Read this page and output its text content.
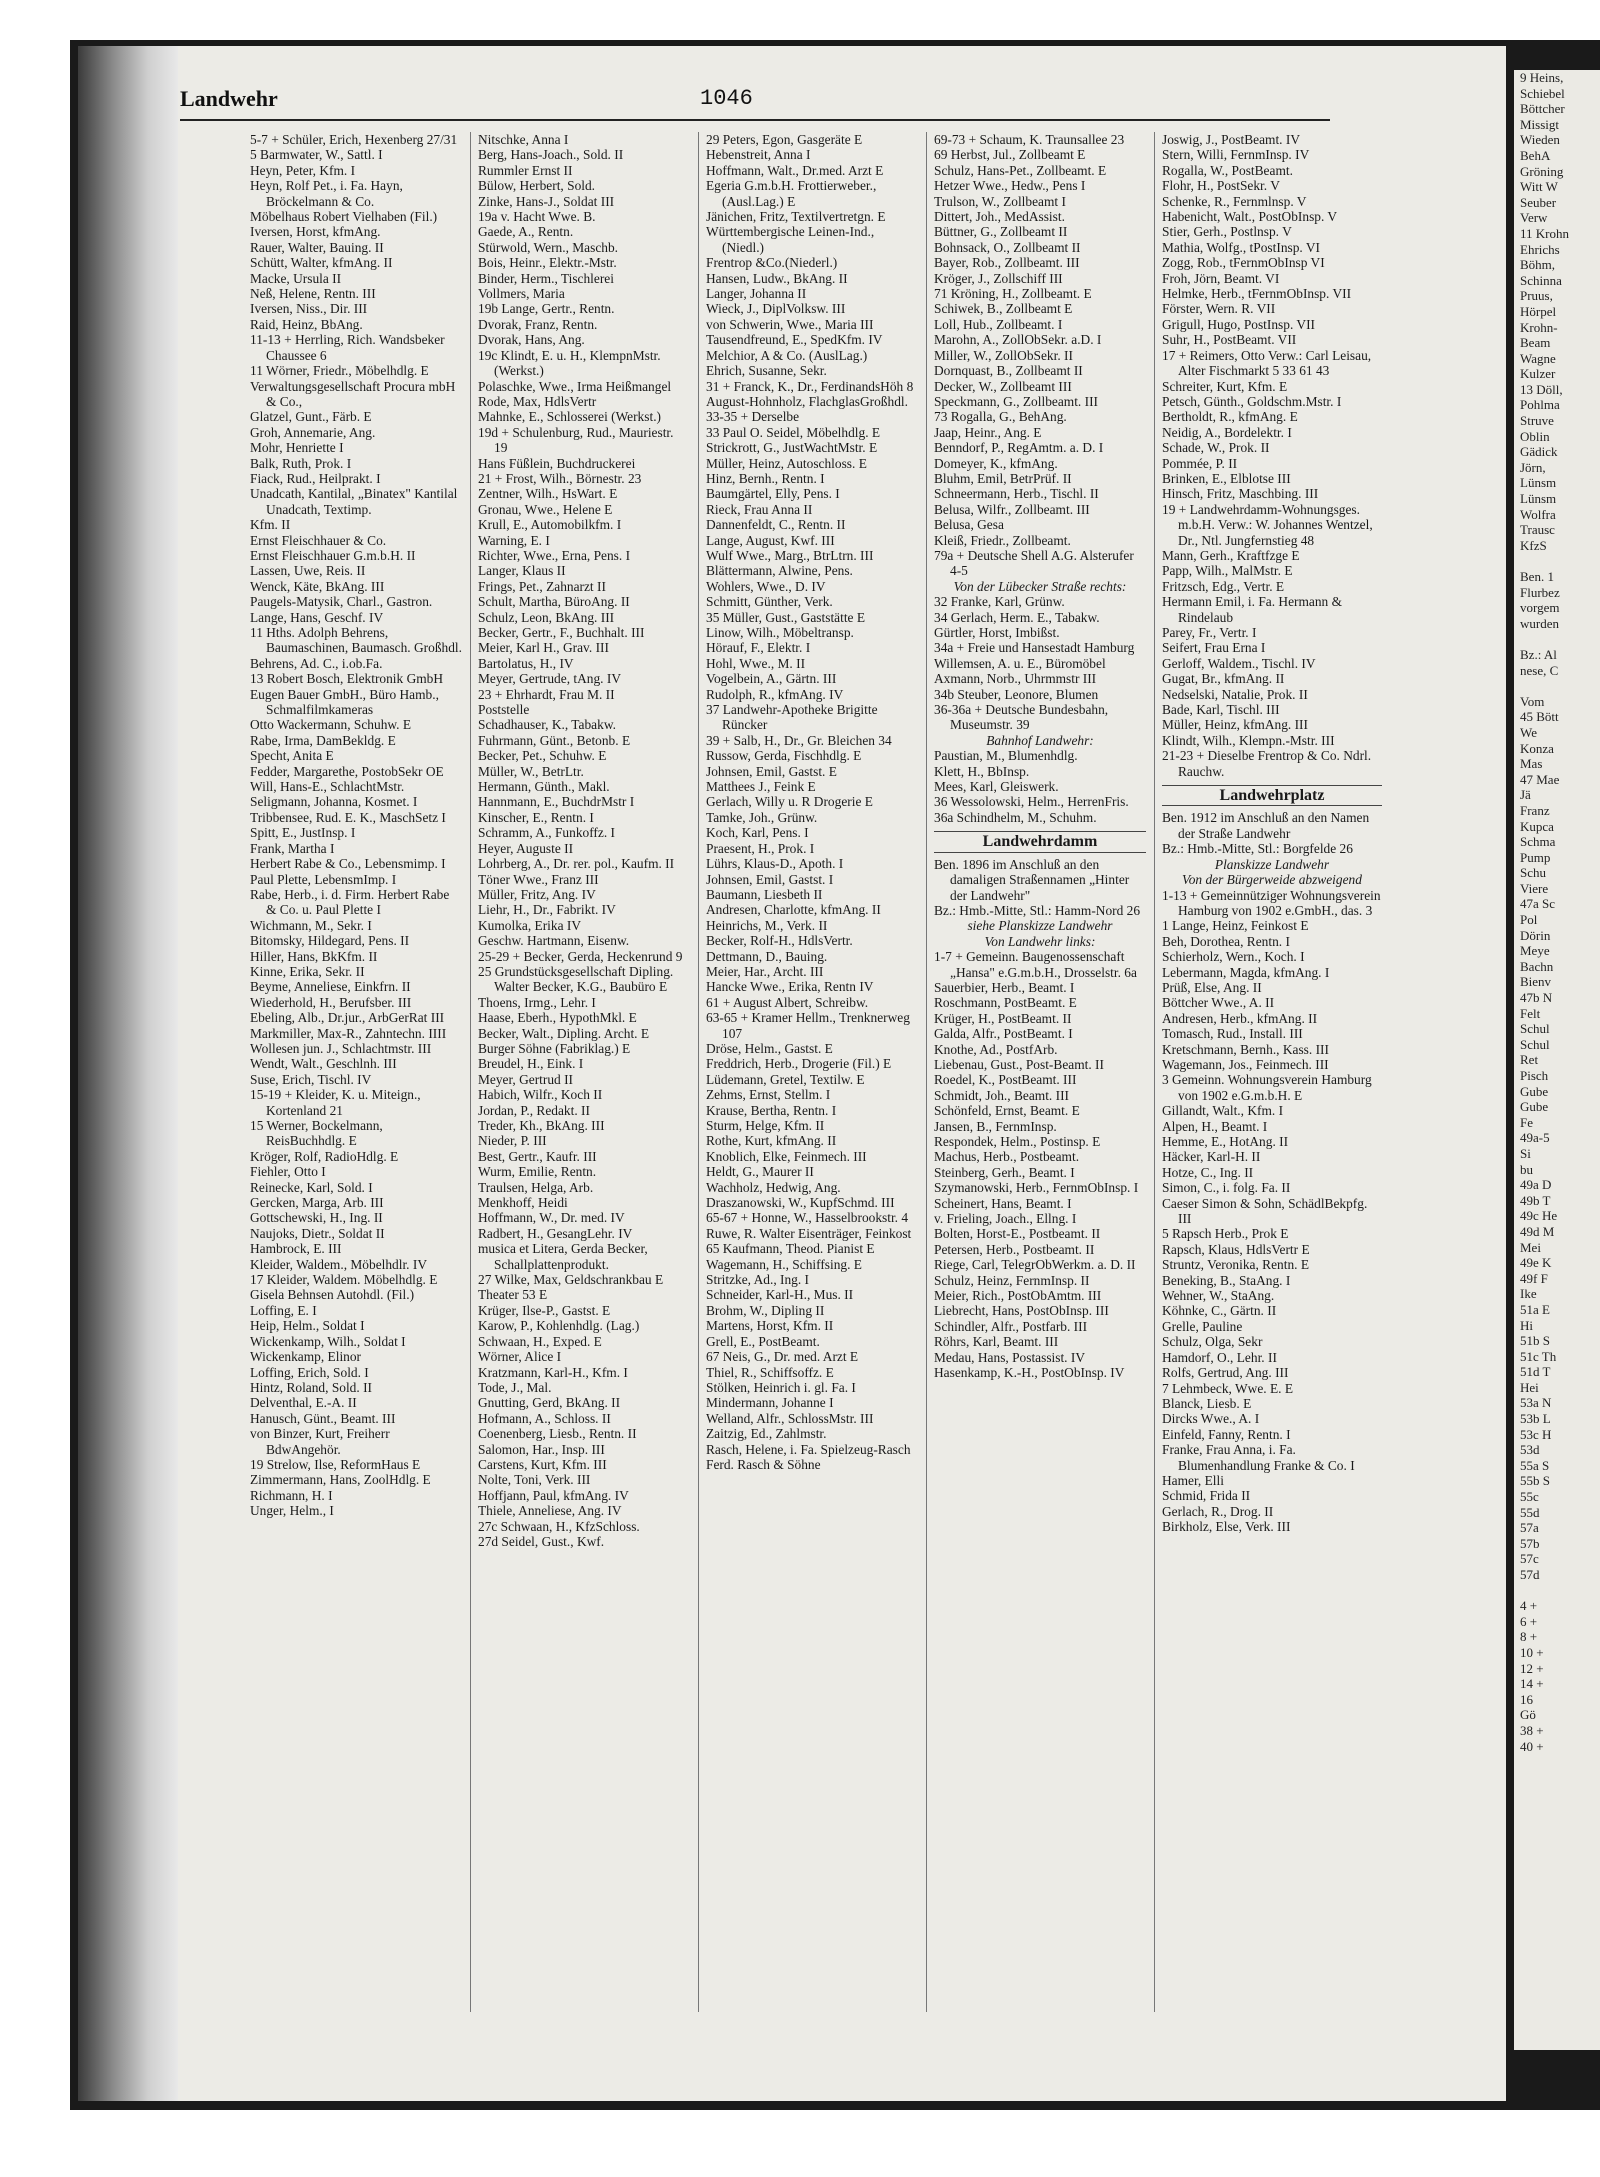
9 Heins,
Schiebel
Böttcher
Missigt
Wieden
BehA
Gröning
Witt W
Seuber
Verw
11 Krohn
Ehrichs
Böhm,
Schinna
Pruus,
Hörpel
Krohn-
Beam
Wagne
Kulzer
13 Döll,
Pohlma
Struve
Oblin
Gädick
Jörn,
Lünsm
Lünsm
Wolfra
Trausc
KfzS

Ben. 1
Flurbez
vorgem
wurden

Bz.: Al
nese, C

Vom
45 Bött
We
Konza
Mas
47 Mae
Jä
Franz
Kupca
Schma
Pump
Schu
Viere
47a Sc
Pol
Dörin
Meye
Bachn
Bienv
47b N
Felt
Schul
Schul
Ret
Pisch
Gube
Gube
Fe
49a-5
Si
bu
49a D
49b T
49c He
49d M
Mei
49e K
49f F
Ike
51a E
Hi
51b S
51c Th
51d T
Hei
53a N
53b L
53c H
53d
55a S
55b S
55c
55d
57a
57b
57c
57d

4 +
6 +
8 +
10 +
12 +
14 +
16
Gö
38 +
40 +
Landwehr	1046
5-7 + Schüler, Erich, Hexenberg 27/31
5 Barmwater, W., Sattl. I
Heyn, Peter, Kfm. I
Heyn, Rolf Pet., i. Fa. Hayn, Bröckelmann & Co.
Möbelhaus Robert Vielhaben (Fil.)
Iversen, Horst, kfmAng.
Rauer, Walter, Bauing. II
Schütt, Walter, kfmAng. II
Macke, Ursula II
Neß, Helene, Rentn. III
Iversen, Niss., Dir. III
Raid, Heinz, BbAng.
11-13 + Herrling, Rich. Wandsbeker Chaussee 6
11 Wörner, Friedr., Möbelhdlg. E
Verwaltungsgesellschaft Procura mbH & Co.,
Glatzel, Gunt., Färb. E
Groh, Annemarie, Ang.
Mohr, Henriette I
Balk, Ruth, Prok. I
Fiack, Rud., Heilprakt. I
Unadcath, Kantilal, „Binatex" Kantilal Unadcath, Textimp.
Kfm. II
Ernst Fleischhauer & Co.
Ernst Fleischhauer G.m.b.H. II
Lassen, Uwe, Reis. II
Wenck, Käte, BkAng. III
Paugels-Matysik, Charl., Gastron.
Lange, Hans, Geschf. IV
11 Hths. Adolph Behrens, Baumaschinen, Baumasch. Großhdl.
Behrens, Ad. C., i.ob.Fa.
13 Robert Bosch, Elektronik GmbH
Eugen Bauer GmbH., Büro Hamb., Schmalfilmkameras
Otto Wackermann, Schuhw. E
Rabe, Irma, DamBekldg. E
Specht, Anita E
Fedder, Margarethe, PostobSekr OE
Will, Hans-E., SchlachtMstr.
Seligmann, Johanna, Kosmet. I
Tribbensee, Rud. E. K., MaschSetz I
Spitt, E., JustInsp. I
Frank, Martha I
Herbert Rabe & Co., Lebensmimp. I
Paul Plette, LebensmImp. I
Rabe, Herb., i. d. Firm. Herbert Rabe & Co. u. Paul Plette I
Wichmann, M., Sekr. I
Bitomsky, Hildegard, Pens. II
Hiller, Hans, BkKfm. II
Kinne, Erika, Sekr. II
Beyme, Anneliese, Einkfrn. II
Wiederhold, H., Berufsber. III
Ebeling, Alb., Dr.jur., ArbGerRat III
Markmiller, Max-R., Zahntechn. IIII
Wollesen jun. J., Schlachtmstr. III
Wendt, Walt., Geschlnh. III
Suse, Erich, Tischl. IV
15-19 + Kleider, K. u. Miteign., Kortenland 21
15 Werner, Bockelmann, ReisBuchhdlg. E
Kröger, Rolf, RadioHdlg. E
Fiehler, Otto I
Reinecke, Karl, Sold. I
Gercken, Marga, Arb. III
Gottschewski, H., Ing. II
Naujoks, Dietr., Soldat II
Hambrock, E. III
Kleider, Waldem., Möbelhdlr. IV
17 Kleider, Waldem. Möbelhdlg. E
Gisela Behnsen Autohdl. (Fil.)
Loffing, E. I
Heip, Helm., Soldat I
Wickenkamp, Wilh., Soldat I
Wickenkamp, Elinor
Loffing, Erich, Sold. I
Hintz, Roland, Sold. II
Delventhal, E.-A. II
Hanusch, Günt., Beamt. III
von Binzer, Kurt, Freiherr BdwAngehör.
19 Strelow, Ilse, ReformHaus E
Zimmermann, Hans, ZoolHdlg. E
Richmann, H. I
Unger, Helm., I
Nitschke, Anna I
Berg, Hans-Joach., Sold. II
Rummler Ernst II
Bülow, Herbert, Sold.
Zinke, Hans-J., Soldat III
19a v. Hacht Wwe. B.
Gaede, A., Rentn.
Stürwold, Wern., Maschb.
Bois, Heinr., Elektr.-Mstr.
Binder, Herm., Tischlerei
Vollmers, Maria
19b Lange, Gertr., Rentn.
Dvorak, Franz, Rentn.
Dvorak, Hans, Ang.
19c Klindt, E. u. H., KlempnMstr. (Werkst.)
Polaschke, Wwe., Irma Heißmangel
Rode, Max, HdlsVertr
Mahnke, E., Schlosserei (Werkst.)
19d + Schulenburg, Rud., Mauriestr. 19
Hans Füßlein, Buchdruckerei
21 + Frost, Wilh., Börnestr. 23
Zentner, Wilh., HsWart. E
Gronau, Wwe., Helene E
Krull, E., Automobilkfm. I
Warning, E. I
Richter, Wwe., Erna, Pens. I
Langer, Klaus II
Frings, Pet., Zahnarzt II
Schult, Martha, BüroAng. II
Schulz, Leon, BkAng. III
Becker, Gertr., F., Buchhalt. III
Meier, Karl H., Grav. III
Bartolatus, H., IV
Meyer, Gertrude, tAng. IV
23 + Ehrhardt, Frau M. II
Poststelle
Schadhauser, K., Tabakw.
Fuhrmann, Günt., Betonb. E
Becker, Pet., Schuhw. E
Müller, W., BetrLtr.
Hermann, Günth., Makl.
Hannmann, E., BuchdrMstr I
Kinscher, E., Rentn. I
Schramm, A., Funkoffz. I
Heyer, Auguste II
Lohrberg, A., Dr. rer. pol., Kaufm. II
Töner Wwe., Franz III
Müller, Fritz, Ang. IV
Liehr, H., Dr., Fabrikt. IV
Kumolka, Erika IV
Geschw. Hartmann, Eisenw.
25-29 + Becker, Gerda, Heckenrund 9
25 Grundstücksgesellschaft Dipling. Walter Becker, K.G., Baubüro E
Thoens, Irmg., Lehr. I
Haase, Eberh., HypothMkl. E
Becker, Walt., Dipling. Archt. E
Burger Söhne (Fabriklag.) E
Breudel, H., Eink. I
Meyer, Gertrud II
Habich, Wilfr., Koch II
Jordan, P., Redakt. II
Treder, Kh., BkAng. III
Nieder, P. III
Best, Gertr., Kaufr. III
Wurm, Emilie, Rentn.
Traulsen, Helga, Arb.
Menkhoff, Heidi
Hoffmann, W., Dr. med. IV
Radbert, H., GesangLehr. IV
musica et Litera, Gerda Becker, Schallplattenprodukt.
27 Wilke, Max, Geldschrankbau E
Theater 53 E
Krüger, Ilse-P., Gastst. E
Karow, P., Kohlenhdlg. (Lag.)
Schwaan, H., Exped. E
Wörner, Alice I
Kratzmann, Karl-H., Kfm. I
Tode, J., Mal.
Gnutting, Gerd, BkAng. II
Hofmann, A., Schloss. II
Coenenberg, Liesb., Rentn. II
Salomon, Har., Insp. III
Carstens, Kurt, Kfm. III
Nolte, Toni, Verk. III
Hoffjann, Paul, kfmAng. IV
Thiele, Anneliese, Ang. IV
27c Schwaan, H., KfzSchloss.
27d Seidel, Gust., Kwf.
29 Peters, Egon, Gasgeräte E
Hebenstreit, Anna I
Hoffmann, Walt., Dr.med. Arzt E
Egeria G.m.b.H. Frottierweber., (Ausl.Lag.) E
Jänichen, Fritz, Textilvertretgn. E
Württembergische Leinen-Ind., (Niedl.)
Frentrop &Co.(Niederl.)
Hansen, Ludw., BkAng. II
Langer, Johanna II
Wieck, J., DiplVolksw. III
von Schwerin, Wwe., Maria III
Tausendfreund, E., SpedKfm. IV
Melchior, A & Co. (AuslLag.)
Ehrich, Susanne, Sekr.
31 + Franck, K., Dr., FerdinandsHöh 8
August-Hohnholz, FlachglasGroßhdl.
33-35 + Derselbe
33 Paul O. Seidel, Möbelhdlg. E
Strickrott, G., JustWachtMstr. E
Müller, Heinz, Autoschloss. E
Hinz, Bernh., Rentn. I
Baumgärtel, Elly, Pens. I
Rieck, Frau Anna II
Dannenfeldt, C., Rentn. II
Lange, August, Kwf. III
Wulf Wwe., Marg., BtrLtrn. III
Blättermann, Alwine, Pens.
Wohlers, Wwe., D. IV
Schmitt, Günther, Verk.
35 Müller, Gust., Gaststätte E
Linow, Wilh., Möbeltransp.
Hörauf, F., Elektr. I
Hohl, Wwe., M. II
Vogelbein, A., Gärtn. III
Rudolph, R., kfmAng. IV
37 Landwehr-Apotheke Brigitte Rüncker
39 + Salb, H., Dr., Gr. Bleichen 34
Russow, Gerda, Fischhdlg. E
Johnsen, Emil, Gastst. E
Matthees J., Feink E
Gerlach, Willy u. R Drogerie E
Tamke, Joh., Grünw.
Koch, Karl, Pens. I
Praesent, H., Prok. I
Lührs, Klaus-D., Apoth. I
Johnsen, Emil, Gastst. I
Baumann, Liesbeth II
Andresen, Charlotte, kfmAng. II
Heinrichs, M., Verk. II
Becker, Rolf-H., HdlsVertr.
Dettmann, D., Bauing.
Meier, Har., Archt. III
Hancke Wwe., Erika, Rentn IV
61 + August Albert, Schreibw.
63-65 + Kramer Hellm., Trenknerweg 107
Dröse, Helm., Gastst. E
Freddrich, Herb., Drogerie (Fil.) E
Lüdemann, Gretel, Textilw. E
Zehms, Ernst, Stellm. I
Krause, Bertha, Rentn. I
Sturm, Helge, Kfm. II
Rothe, Kurt, kfmAng. II
Knoblich, Elke, Feinmech. III
Heldt, G., Maurer II
Wachholz, Hedwig, Ang.
Draszanowski, W., KupfSchmd. III
65-67 + Honne, W., Hasselbrookstr. 4
Ruwe, R. Walter Eisenträger, Feinkost
65 Kaufmann, Theod. Pianist E
Wagemann, H., Schiffsing. E
Stritzke, Ad., Ing. I
Schneider, Karl-H., Mus. II
Brohm, W., Dipling II
Martens, Horst, Kfm. II
Grell, E., PostBeamt.
67 Neis, G., Dr. med. Arzt E
Thiel, R., Schiffsoffz. E
Stölken, Heinrich i. gl. Fa. I
Mindermann, Johanne I
Welland, Alfr., SchlossMstr. III
Zaitzig, Ed., Zahlmstr.
Rasch, Helene, i. Fa. Spielzeug-Rasch
Ferd. Rasch & Söhne
69-73 + Schaum, K. Traunsallee 23
69 Herbst, Jul., Zollbeamt E
Schulz, Hans-Pet., Zollbeamt. E
Hetzer Wwe., Hedw., Pens I
Trulson, W., Zollbeamt I
Dittert, Joh., MedAssist.
Büttner, G., Zollbeamt II
Bohnsack, O., Zollbeamt II
Bayer, Rob., Zollbeamt. III
Kröger, J., Zollschiff III
71 Kröning, H., Zollbeamt. E
Schiwek, B., Zollbeamt E
Loll, Hub., Zollbeamt. I
Marohn, A., ZollObSekr. a.D. I
Miller, W., ZollObSekr. II
Dornquast, B., Zollbeamt II
Decker, W., Zollbeamt III
Speckmann, G., Zollbeamt. III
73 Rogalla, G., BehAng.
Jaap, Heinr., Ang. E
Benndorf, P., RegAmtm. a. D. I
Domeyer, K., kfmAng.
Bluhm, Emil, BetrPrüf. II
Schneermann, Herb., Tischl. II
Belusa, Wilfr., Zollbeamt. III
Belusa, Gesa
Kleiß, Friedr., Zollbeamt.
79a + Deutsche Shell A.G. Alsterufer 4-5
Von der Lübecker Straße rechts:
32 Franke, Karl, Grünw.
34 Gerlach, Herm. E., Tabakw.
Gürtler, Horst, Imbißst.
34a + Freie und Hansestadt Hamburg
Willemsen, A. u. E., Büromöbel
Axmann, Norb., Uhrmmstr III
34b Steuber, Leonore, Blumen
36-36a + Deutsche Bundesbahn, Museumstr. 39
Bahnhof Landwehr:
Paustian, M., Blumenhdlg.
Klett, H., BbInsp.
Mees, Karl, Gleiswerk.
36 Wessolowski, Helm., HerrenFris.
36a Schindhelm, M., Schuhm.
Landwehrdamm
Ben. 1896 im Anschluß an den damaligen Straßennamen „Hinter der Landwehr"
Bz.: Hmb.-Mitte, Stl.: Hamm-Nord 26
siehe Planskizze Landwehr
Von Landwehr links:
1-7 + Gemeinn. Baugenossenschaft „Hansa" e.G.m.b.H., Drosselstr. 6a
Sauerbier, Herb., Beamt. I
Roschmann, PostBeamt. E
Krüger, H., PostBeamt. II
Galda, Alfr., PostBeamt. I
Knothe, Ad., PostfArb.
Liebenau, Gust., Post-Beamt. II
Roedel, K., PostBeamt. III
Schmidt, Joh., Beamt. III
Schönfeld, Ernst, Beamt. E
Jansen, B., FernmInsp.
Respondek, Helm., Postinsp. E
Machus, Herb., Postbeamt.
Steinberg, Gerh., Beamt. I
Szymanowski, Herb., FernmObInsp. I
Scheinert, Hans, Beamt. I
v. Frieling, Joach., Ellng. I
Bolten, Horst-E., Postbeamt. II
Petersen, Herb., Postbeamt. II
Riege, Carl, TelegrObWerkm. a. D. II
Schulz, Heinz, FernmInsp. II
Meier, Rich., PostObAmtm. III
Liebrecht, Hans, PostObInsp. III
Schindler, Alfr., Postfarb. III
Röhrs, Karl, Beamt. III
Medau, Hans, Postassist. IV
Hasenkamp, K.-H., PostObInsp. IV
Joswig, J., PostBeamt. IV
Stern, Willi, FernmInsp. IV
Rogalla, W., PostBeamt.
Flohr, H., PostSekr. V
Schenke, R., Fernmlnsp. V
Habenicht, Walt., PostObInsp. V
Stier, Gerh., Postlnsp. V
Mathia, Wolfg., tPostInsp. VI
Zogg, Rob., tFernmObInsp VI
Froh, Jörn, Beamt. VI
Helmke, Herb., tFernmObInsp. VII
Förster, Wern. R. VII
Grigull, Hugo, PostInsp. VII
Suhr, H., PostBeamt. VII
17 + Reimers, Otto Verw.: Carl Leisau, Alter Fischmarkt 5 33 61 43
Schreiter, Kurt, Kfm. E
Petsch, Günth., Goldschm.Mstr. I
Bertholdt, R., kfmAng. E
Neidig, A., Bordelektr. I
Schade, W., Prok. II
Pommée, P. II
Brinken, E., Elblotse III
Hinsch, Fritz, Maschbing. III
19 + Landwehrdamm-Wohnungsges. m.b.H. Verw.: W. Johannes Wentzel, Dr., Ntl. Jungfernstieg 48
Mann, Gerh., Kraftfzge E
Papp, Wilh., MalMstr. E
Fritzsch, Edg., Vertr. E
Hermann Emil, i. Fa. Hermann & Rindelaub
Parey, Fr., Vertr. I
Seifert, Frau Erna I
Gerloff, Waldem., Tischl. IV
Gugat, Br., kfmAng. II
Nedselski, Natalie, Prok. II
Bade, Karl, Tischl. III
Müller, Heinz, kfmAng. III
Klindt, Wilh., Klempn.-Mstr. III
21-23 + Dieselbe Frentrop & Co. Ndrl. Rauchw.
Landwehrplatz
Ben. 1912 im Anschluß an den Namen der Straße Landwehr
Bz.: Hmb.-Mitte, Stl.: Borgfelde 26
Planskizze Landwehr
Von der Bürgerweide abzweigend
1-13 + Gemeinnütziger Wohnungsverein Hamburg von 1902 e.GmbH., das. 3
1 Lange, Heinz, Feinkost E
Beh, Dorothea, Rentn. I
Schierholz, Wern., Koch. I
Lebermann, Magda, kfmAng. I
Prüß, Else, Ang. II
Böttcher Wwe., A. II
Andresen, Herb., kfmAng. II
Tomasch, Rud., Install. III
Kretschmann, Bernh., Kass. III
Wagemann, Jos., Feinmech. III
3 Gemeinn. Wohnungsverein Hamburg von 1902 e.G.m.b.H. E
Gillandt, Walt., Kfm. I
Alpen, H., Beamt. I
Hemme, E., HotAng. II
Häcker, Karl-H. II
Hotze, C., Ing. II
Simon, C., i. folg. Fa. II
Caeser Simon & Sohn, SchädlBekpfg. III
5 Rapsch Herb., Prok E
Rapsch, Klaus, HdlsVertr E
Struntz, Veronika, Rentn. E
Beneking, B., StaAng. I
Wehner, W., StaAng.
Köhnke, C., Gärtn. II
Grelle, Pauline
Schulz, Olga, Sekr
Hamdorf, O., Lehr. II
Rolfs, Gertrud, Ang. III
7 Lehmbeck, Wwe. E. E
Blanck, Liesb. E
Dircks Wwe., A. I
Einfeld, Fanny, Rentn. I
Franke, Frau Anna, i. Fa. Blumenhandlung Franke & Co. I
Hamer, Elli
Schmid, Frida II
Gerlach, R., Drog. II
Birkholz, Else, Verk. III
